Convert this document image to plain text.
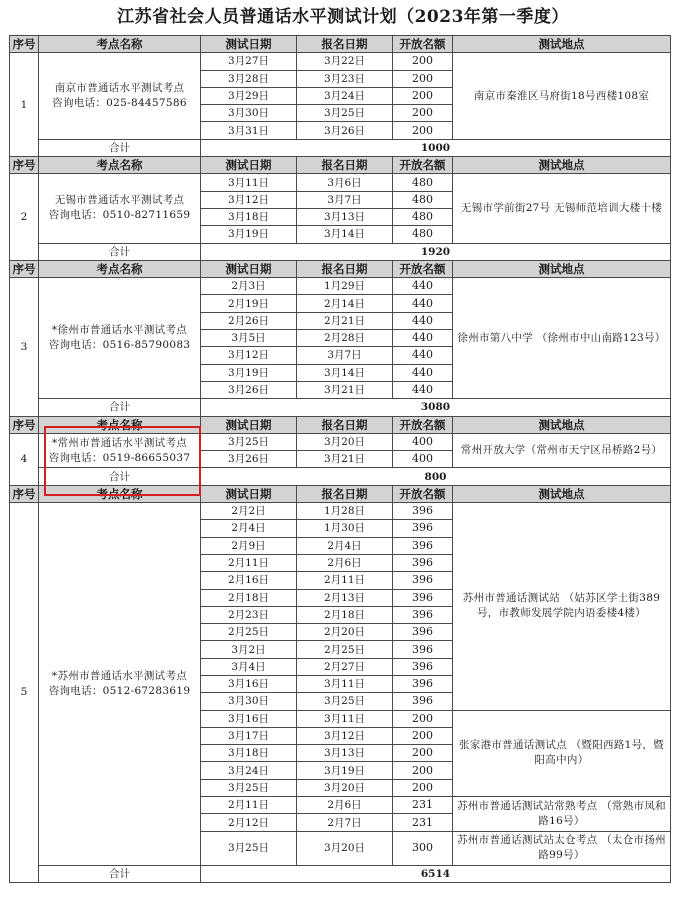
江苏省社会人员普通话水平测试计划（2023年第一季度）
序号	考点名称	测试日期	报名日期	开放名额	测试地点
1	南京市普通话水平测试考点
咨询电话：025-84457586	3月27日	3月22日	200	南京市秦淮区马府街18号西楼108室
		3月28日	3月23日	200	
		3月29日	3月24日	200	
		3月30日	3月25日	200	
		3月31日	3月26日	200	
	合计	1000			
序号	考点名称	测试日期	报名日期	开放名额	测试地点
2	无锡市普通话水平测试考点
咨询电话：0510-82711659	3月11日	3月6日	480	无锡市学前街27号 无锡师范培训大楼十楼
		3月12日	3月7日	480	
		3月18日	3月13日	480	
		3月19日	3月14日	480	
	合计	1920			
序号	考点名称	测试日期	报名日期	开放名额	测试地点
3	*徐州市普通话水平测试考点
咨询电话：0516-85790083	2月3日	1月29日	440	徐州市第八中学 （徐州市中山南路123号）
		2月19日	2月14日	440	
		2月26日	2月21日	440	
		3月5日	2月28日	440	
		3月12日	3月7日	440	
		3月19日	3月14日	440	
		3月26日	3月21日	440	
	合计	3080			
序号	考点名称	测试日期	报名日期	开放名额	测试地点
4	*常州市普通话水平测试考点
咨询电话：0519-86655037	3月25日	3月20日	400	常州开放大学（常州市天宁区吊桥路2号）
		3月26日	3月21日	400	
	合计	800			
序号	考点名称	测试日期	报名日期	开放名额	测试地点
5	*苏州市普通话水平测试考点
咨询电话：0512-67283619	2月2日	1月28日	396	苏州市普通话测试站 （姑苏区学士街389号，市教师发展学院内语委楼4楼）
		2月4日	1月30日	396	
		2月9日	2月4日	396	
		2月11日	2月6日	396	
		2月16日	2月11日	396	
		2月18日	2月13日	396	
		2月23日	2月18日	396	
		2月25日	2月20日	396	
		3月2日	2月25日	396	
		3月4日	2月27日	396	
		3月16日	3月11日	396	
		3月30日	3月25日	396	
		3月16日	3月11日	200	张家港市普通话测试点 （暨阳西路1号，暨阳高中内）
		3月17日	3月12日	200	
		3月18日	3月13日	200	
		3月24日	3月19日	200	
		3月25日	3月20日	200	
		2月11日	2月6日	231	苏州市普通话测试站常熟考点 （常熟市凤和路16号）
		2月12日	2月7日	231	
		3月25日	3月20日	300	苏州市普通话测试站太仓考点 （太仓市扬州路99号）
	合计	6514			
